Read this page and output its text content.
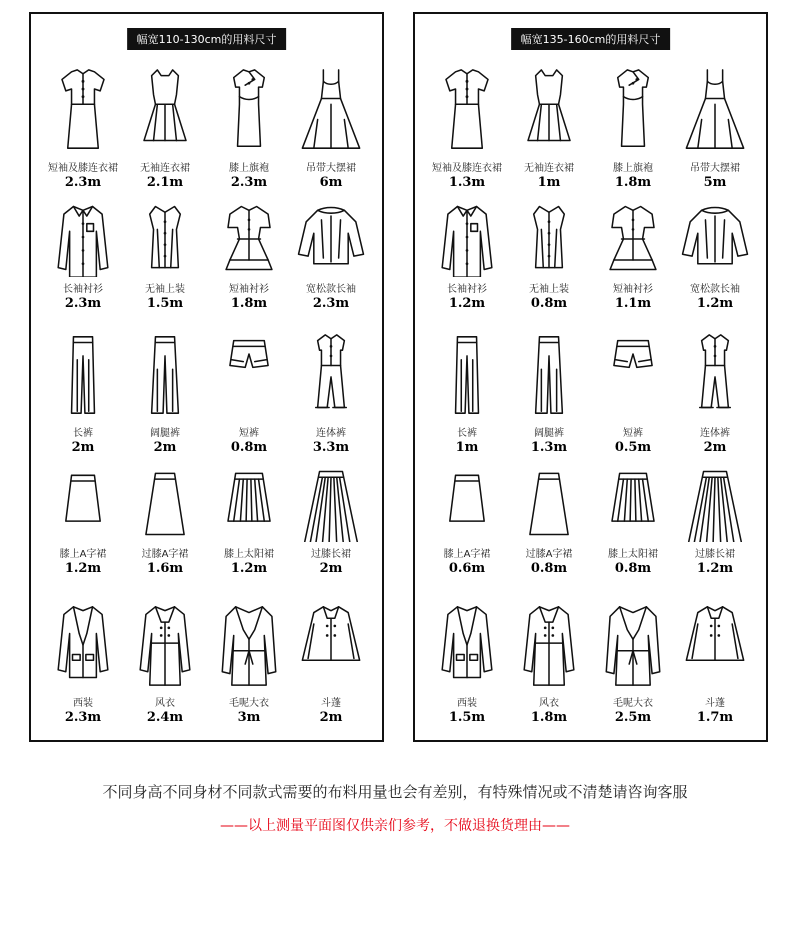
幅宽110-130cm的用料尺寸
短袖及膝连衣裙
2.3m
无袖连衣裙
2.1m
膝上旗袍
2.3m
吊带大摆裙
6m
长袖衬衫
2.3m
无袖上装
1.5m
短袖衬衫
1.8m
宽松款长袖
2.3m
长裤
2m
阔腿裤
2m
短裤
0.8m
连体裤
3.3m
膝上A字裙
1.2m
过膝A字裙
1.6m
膝上太阳裙
1.2m
过膝长裙
2m
西装
2.3m
风衣
2.4m
毛呢大衣
3m
斗蓬
2m
幅宽135-160cm的用料尺寸
短袖及膝连衣裙
1.3m
无袖连衣裙
1m
膝上旗袍
1.8m
吊带大摆裙
5m
长袖衬衫
1.2m
无袖上装
0.8m
短袖衬衫
1.1m
宽松款长袖
1.2m
长裤
1m
阔腿裤
1.3m
短裤
0.5m
连体裤
2m
膝上A字裙
0.6m
过膝A字裙
0.8m
膝上太阳裙
0.8m
过膝长裙
1.2m
西装
1.5m
风衣
1.8m
毛呢大衣
2.5m
斗蓬
1.7m
不同身高不同身材不同款式需要的布料用量也会有差别，有特殊情况或不清楚请咨询客服
——以上测量平面图仅供亲们参考，不做退换货理由——
